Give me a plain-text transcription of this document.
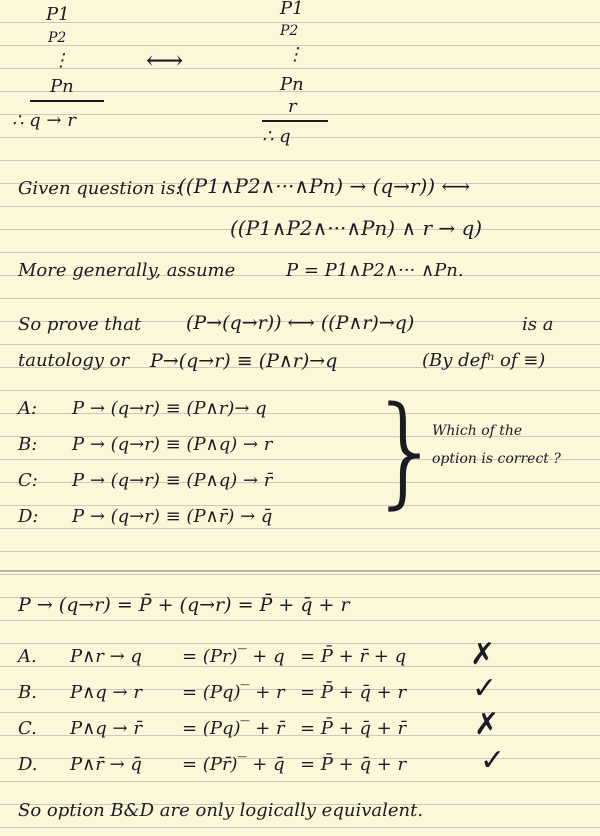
P1
P2
⋮
Pn
∴ q → r
⟷
P1
P2
⋮
Pn
r
∴ q
Given question is:
((P1∧P2∧···∧Pn) → (q→r)) ⟷
((P1∧P2∧···∧Pn) ∧ r → q)
More generally, assume	P = P1∧P2∧··· ∧Pn.
So prove that (P→(q→r)) ⟷ ((P∧r)→q)	is a
tautology or P→(q→r) ≡ (P∧r)→q	(By defⁿ of ≡)
A: P → (q→r) ≡ (P∧r)→ q
B: P → (q→r) ≡ (P∧q) → r
C: P → (q→r) ≡ (P∧q) → r̄
D: P → (q→r) ≡ (P∧r̄) → q̄ }
Which of the
option is correct ?
P → (q→r) = P̄ + (q→r) = P̄ + q̄ + r
A. P∧r → q = (Pr)‾ + q = P̄ + r̄ + q ✗
B. P∧q → r = (Pq)‾ + r = P̄ + q̄ + r ✓
C. P∧q → r̄ = (Pq)‾ + r̄ = P̄ + q̄ + r̄ ✗
D. P∧r̄ → q̄ = (Pr̄)‾ + q̄ = P̄ + q̄ + r ✓
So option B&D are only logically equivalent.
